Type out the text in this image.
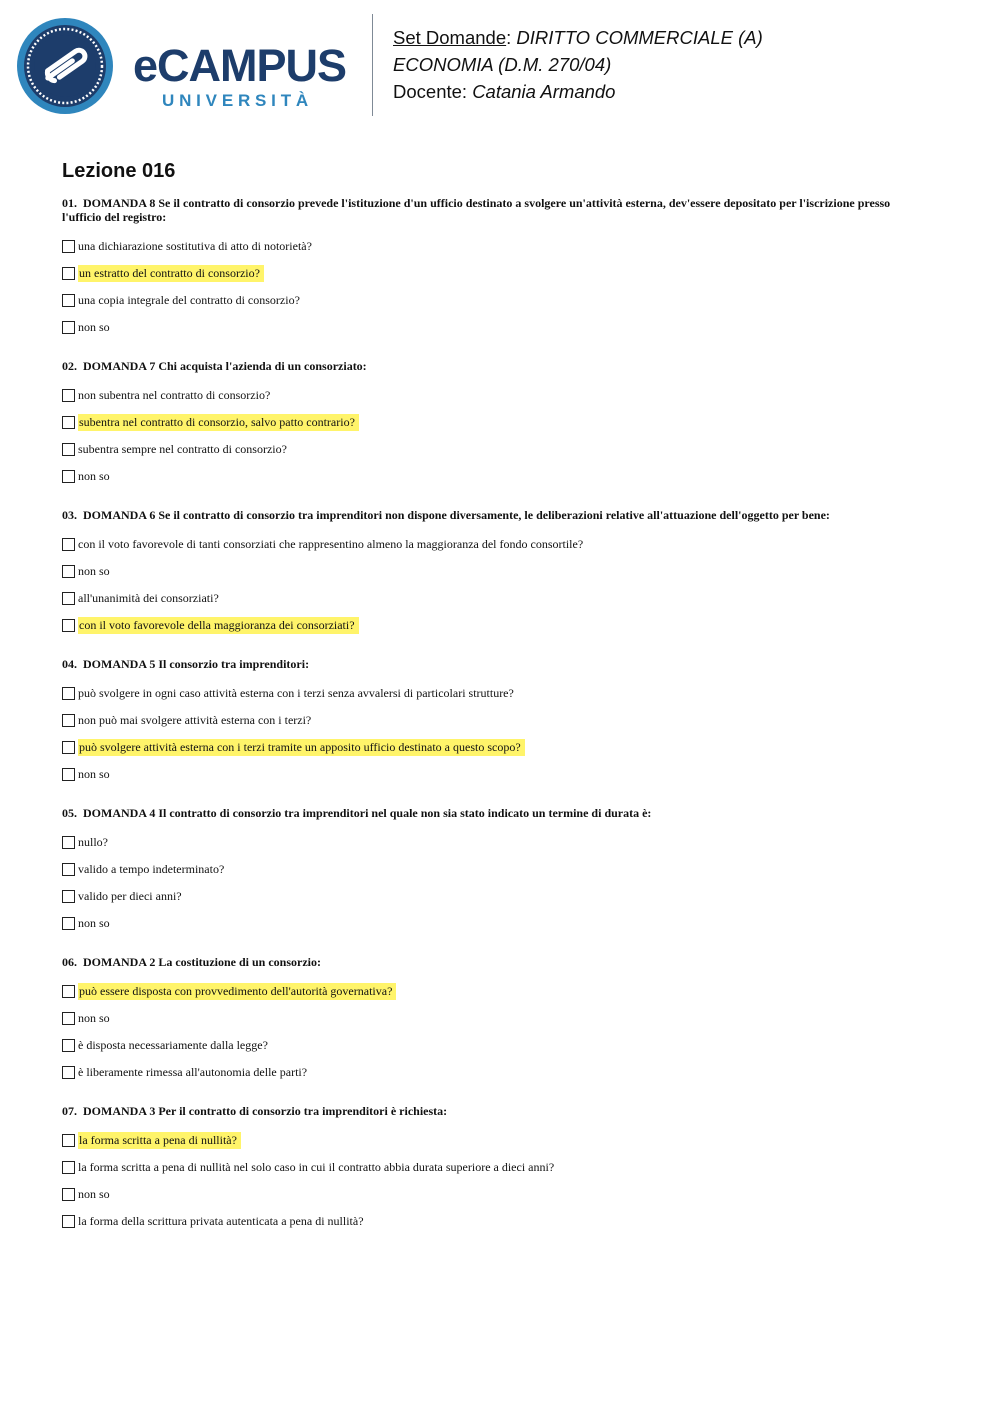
eCAMPUS
UNIVERSITÀ
Set Domande: DIRITTO COMMERCIALE (A)
ECONOMIA (D.M. 270/04)
Docente: Catania Armando
Lezione 016

01. DOMANDA 8 Se il contratto di consorzio prevede l'istituzione d'un ufficio destinato a svolgere un'attività esterna, dev'essere depositato per l'iscrizione presso l'ufficio del registro:

una dichiarazione sostitutiva di atto di notorietà?
un estratto del contratto di consorzio?
una copia integrale del contratto di consorzio?
non so

02. DOMANDA 7 Chi acquista l'azienda di un consorziato:

non subentra nel contratto di consorzio?
subentra nel contratto di consorzio, salvo patto contrario?
subentra sempre nel contratto di consorzio?
non so

03. DOMANDA 6 Se il contratto di consorzio tra imprenditori non dispone diversamente, le deliberazioni relative all'attuazione dell'oggetto per bene:

con il voto favorevole di tanti consorziati che rappresentino almeno la maggioranza del fondo consortile?
non so
all'unanimità dei consorziati?
con il voto favorevole della maggioranza dei consorziati?

04. DOMANDA 5 Il consorzio tra imprenditori:

può svolgere in ogni caso attività esterna con i terzi senza avvalersi di particolari strutture?
non può mai svolgere attività esterna con i terzi?
può svolgere attività esterna con i terzi tramite un apposito ufficio destinato a questo scopo?
non so

05. DOMANDA 4 Il contratto di consorzio tra imprenditori nel quale non sia stato indicato un termine di durata è:

nullo?
valido a tempo indeterminato?
valido per dieci anni?
non so

06. DOMANDA 2 La costituzione di un consorzio:

può essere disposta con provvedimento dell'autorità governativa?
non so
è disposta necessariamente dalla legge?
è liberamente rimessa all'autonomia delle parti?

07. DOMANDA 3 Per il contratto di consorzio tra imprenditori è richiesta:

la forma scritta a pena di nullità?
la forma scritta a pena di nullità nel solo caso in cui il contratto abbia durata superiore a dieci anni?
non so
la forma della scrittura privata autenticata a pena di nullità?
